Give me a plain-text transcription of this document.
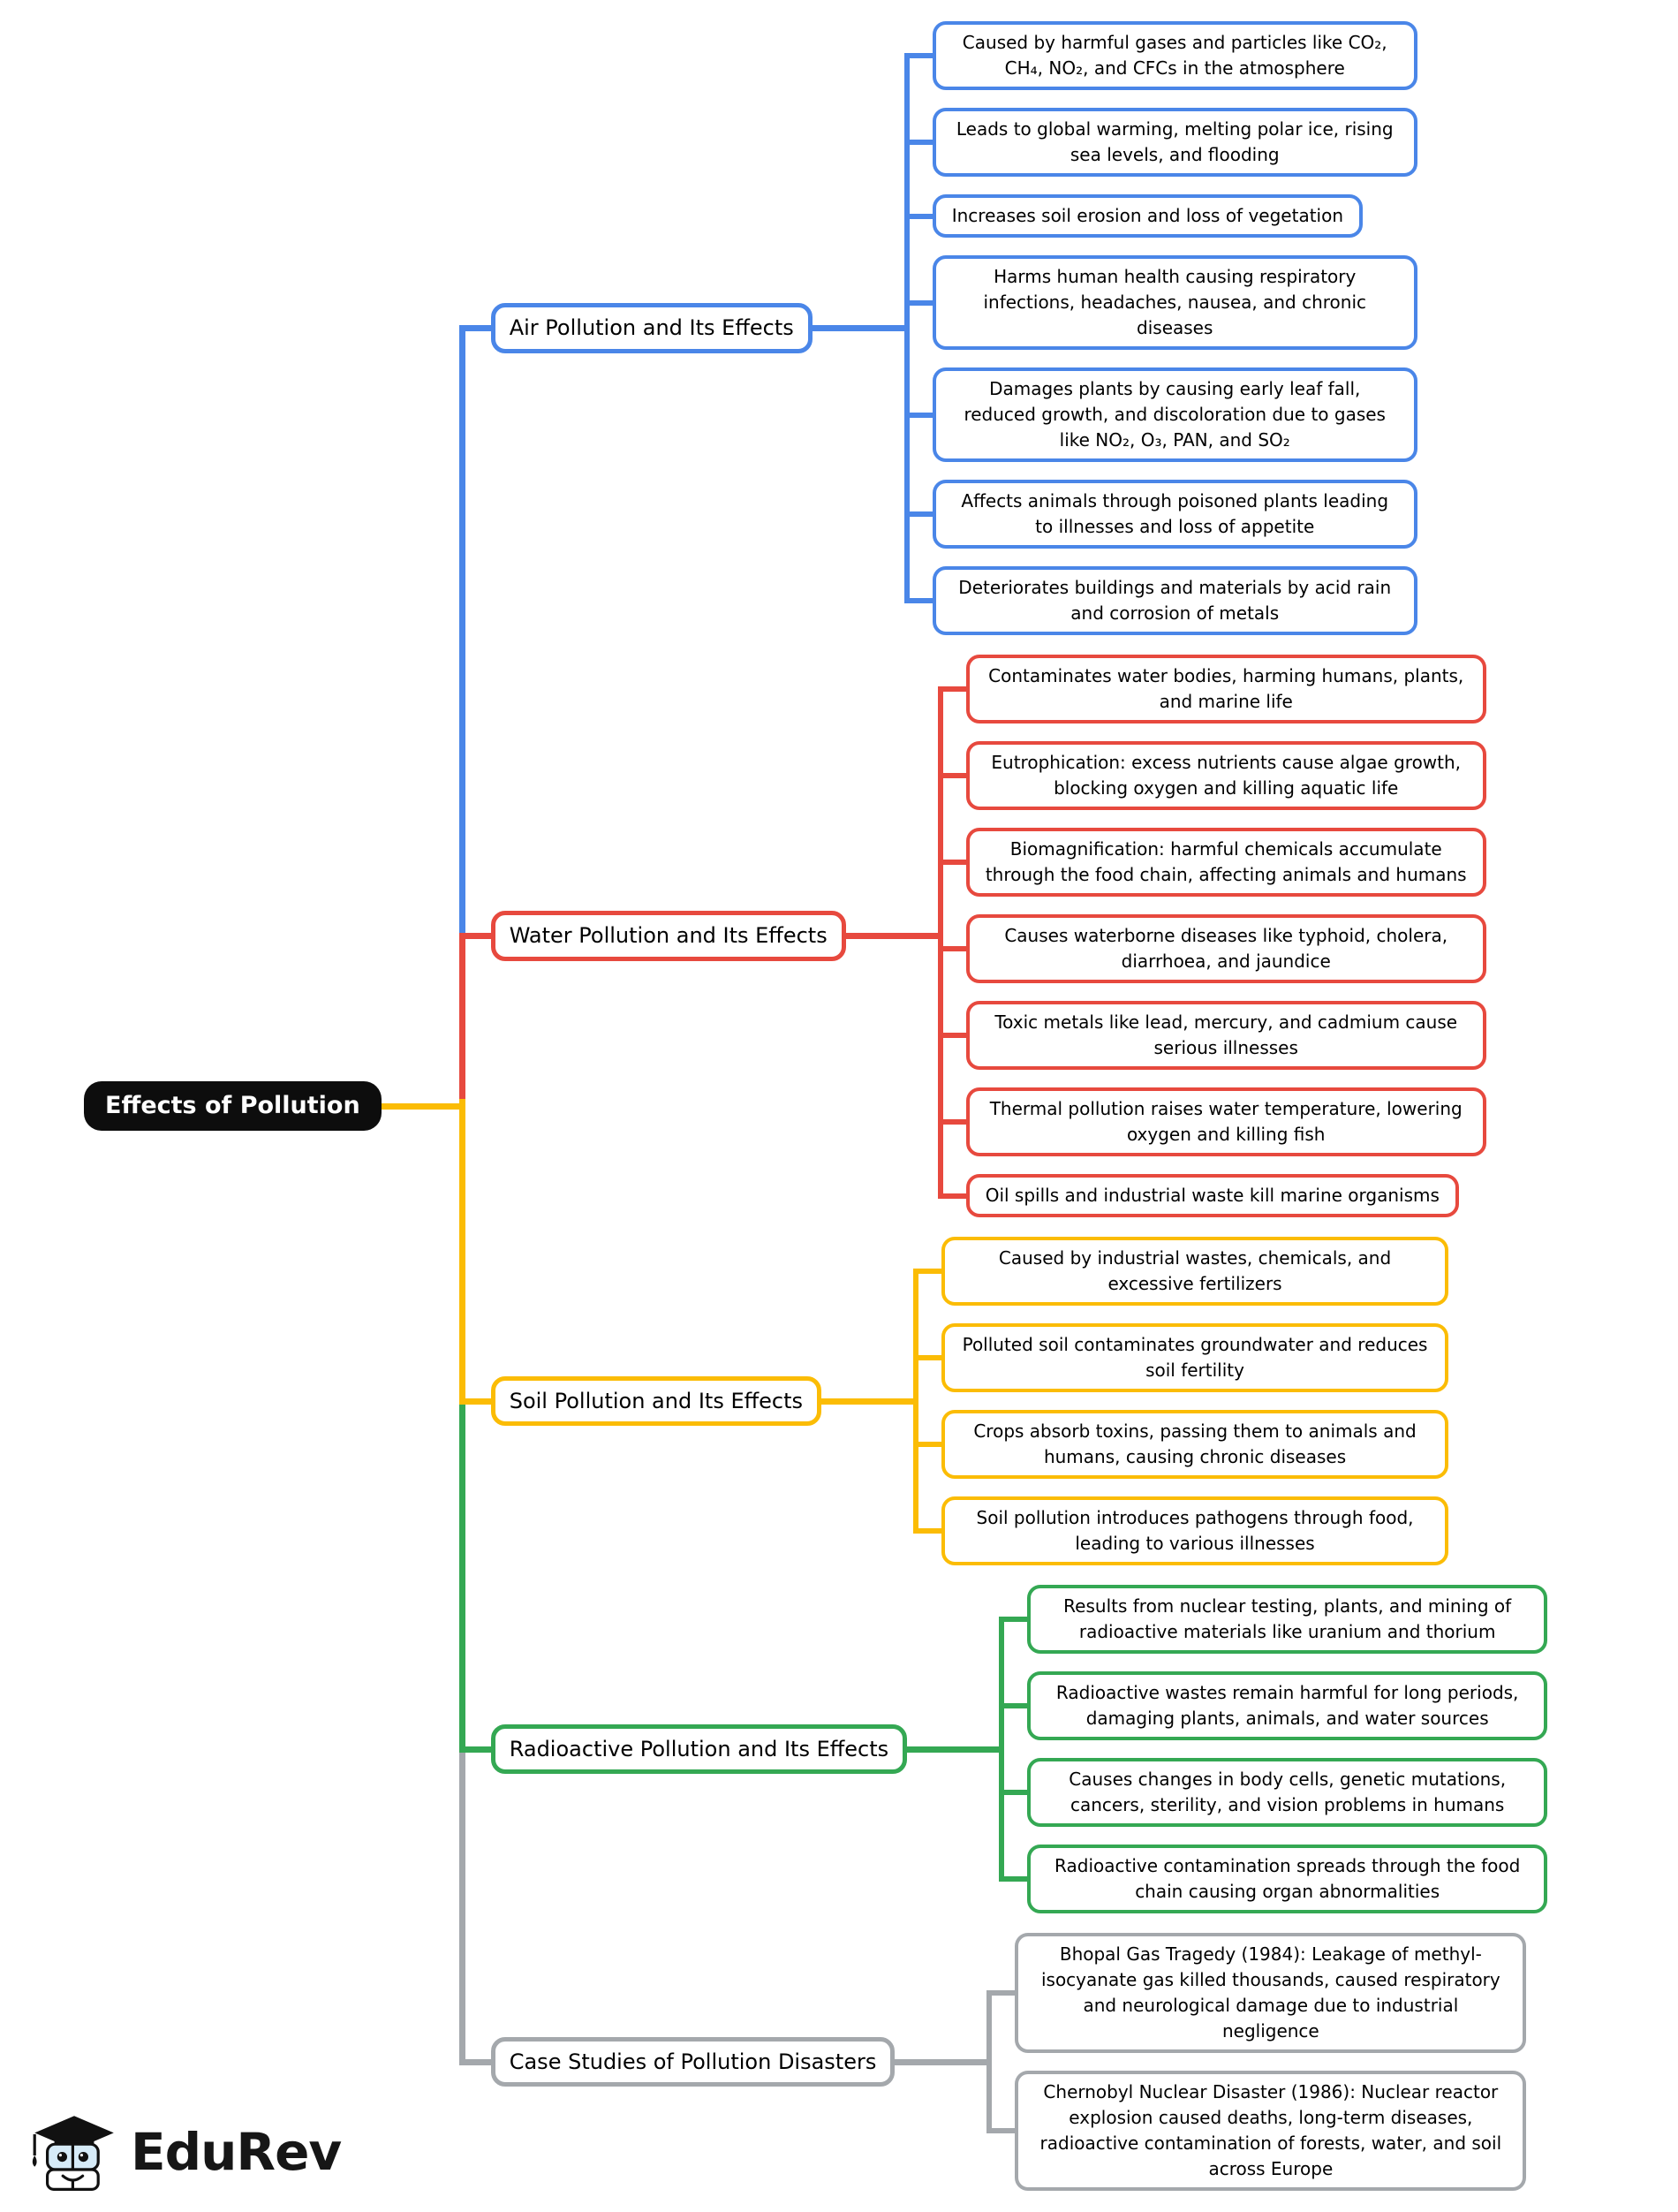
Effects of Pollution
Air Pollution and Its Effects
Caused by harmful gases and particles like CO₂, CH₄, NO₂, and CFCs in the atmosphere
Leads to global warming, melting polar ice, rising sea levels, and flooding
Increases soil erosion and loss of vegetation
Harms human health causing respiratory infections, headaches, nausea, and chronic diseases
Damages plants by causing early leaf fall, reduced growth, and discoloration due to gases like NO₂, O₃, PAN, and SO₂
Affects animals through poisoned plants leading to illnesses and loss of appetite
Deteriorates buildings and materials by acid rain and corrosion of metals
Water Pollution and Its Effects
Contaminates water bodies, harming humans, plants, and marine life
Eutrophication: excess nutrients cause algae growth, blocking oxygen and killing aquatic life
Biomagnification: harmful chemicals accumulate through the food chain, affecting animals and humans
Causes waterborne diseases like typhoid, cholera, diarrhoea, and jaundice
Toxic metals like lead, mercury, and cadmium cause serious illnesses
Thermal pollution raises water temperature, lowering oxygen and killing fish
Oil spills and industrial waste kill marine organisms
Soil Pollution and Its Effects
Caused by industrial wastes, chemicals, and excessive fertilizers
Polluted soil contaminates groundwater and reduces soil fertility
Crops absorb toxins, passing them to animals and humans, causing chronic diseases
Soil pollution introduces pathogens through food, leading to various illnesses
Radioactive Pollution and Its Effects
Results from nuclear testing, plants, and mining of radioactive materials like uranium and thorium
Radioactive wastes remain harmful for long periods, damaging plants, animals, and water sources
Causes changes in body cells, genetic mutations, cancers, sterility, and vision problems in humans
Radioactive contamination spreads through the food chain causing organ abnormalities
Case Studies of Pollution Disasters
Bhopal Gas Tragedy (1984): Leakage of methyl-isocyanate gas killed thousands, caused respiratory and neurological damage due to industrial negligence
Chernobyl Nuclear Disaster (1986): Nuclear reactor explosion caused deaths, long-term diseases, radioactive contamination of forests, water, and soil across Europe
EduRev
